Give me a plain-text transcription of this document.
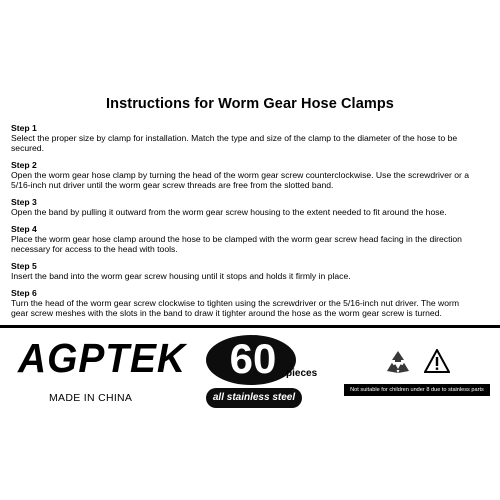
Instructions for Worm Gear Hose Clamps
Step 1
Select the proper size by clamp for installation. Match the type and size of the clamp to the diameter of the hose to be
secured.
Step 2
Open the worm gear hose clamp by turning the head of the worm gear screw counterclockwise. Use the screwdriver or a
5/16-inch nut driver until the worm gear screw threads are free from the slotted band.
Step 3
Open the band by pulling it outward from the worm gear screw housing to the extent needed to fit around the hose.
Step 4
Place the worm gear hose clamp around the hose to be clamped with the worm gear screw head facing in the direction
necessary for access to the head with tools.
Step 5
Insert the band into the worm gear screw housing until it stops and holds it firmly in place.
Step 6
Turn the head of the worm gear screw clockwise to tighten using the screwdriver or the 5/16-inch nut driver. The worm
gear screw meshes with the slots in the band to draw it tighter around the hose as the worm gear screw is turned.
AGPTEK
MADE IN CHINA
60 pieces
all stainless steel
Not suitable for children under 8 due to stainless parts
